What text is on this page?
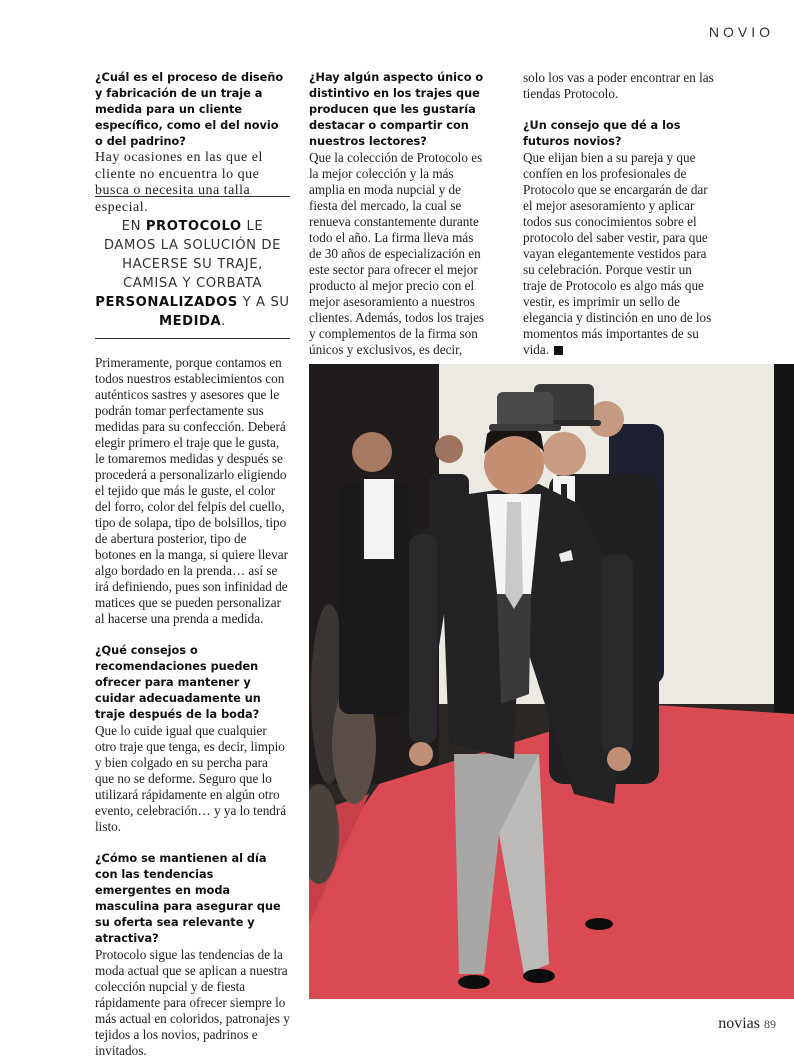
NOVIO

¿Cuál es el proceso de diseño y fabricación de un traje a medida para un cliente específico, como el del novio o del padrino?

Hay ocasiones en las que el cliente no encuentra lo que busca o necesita una talla especial.

EN PROTOCOLO LE DAMOS LA SOLUCIÓN DE HACERSE SU TRAJE, CAMISA Y CORBATA PERSONALIZADOS Y A SU MEDIDA.

Primeramente, porque contamos en todos nuestros establecimientos con auténticos sastres y asesores que le podrán tomar perfectamente sus medidas para su confección. Deberá elegir primero el traje que le gusta, le tomaremos medidas y después se procederá a personalizarlo eligiendo el tejido que más le guste, el color del forro, color del felpis del cuello, tipo de solapa, tipo de bolsillos, tipo de abertura posterior, tipo de botones en la manga, si quiere llevar algo bordado en la prenda… así se irá definiendo, pues son infinidad de matices que se pueden personalizar al hacerse una prenda a medida.

¿Qué consejos o recomendaciones pueden ofrecer para mantener y cuidar adecuadamente un traje después de la boda?

Que lo cuide igual que cualquier otro traje que tenga, es decir, limpio y bien colgado en su percha para que no se deforme. Seguro que lo utilizará rápidamente en algún otro evento, celebración… y ya lo tendrá listo.

¿Cómo se mantienen al día con las tendencias emergentes en moda masculina para asegurar que su oferta sea relevante y atractiva?

Protocolo sigue las tendencias de la moda actual que se aplican a nuestra colección nupcial y de fiesta rápidamente para ofrecer siempre lo más actual en coloridos, patronajes y tejidos a los novios, padrinos e invitados.

¿Hay algún aspecto único o distintivo en los trajes que producen que les gustaría destacar o compartir con nuestros lectores?

Que la colección de Protocolo es la mejor colección y la más amplia en moda nupcial y de fiesta del mercado, la cual se renueva constantemente durante todo el año. La firma lleva más de 30 años de especialización en este sector para ofrecer el mejor producto al mejor precio con el mejor asesoramiento a nuestros clientes. Además, todos los trajes y complementos de la firma son únicos y exclusivos, es decir,

solo los vas a poder encontrar en las tiendas Protocolo.

¿Un consejo que dé a los futuros novios?

Que elijan bien a su pareja y que confíen en los profesionales de Protocolo que se encargarán de dar el mejor asesoramiento y aplicar todos sus conocimientos sobre el protocolo del saber vestir, para que vayan elegantemente vestidos para su celebración. Porque vestir un traje de Protocolo es algo más que vestir, es imprimir un sello de elegancia y distinción en uno de los momentos más importantes de su vida.

novias 89
